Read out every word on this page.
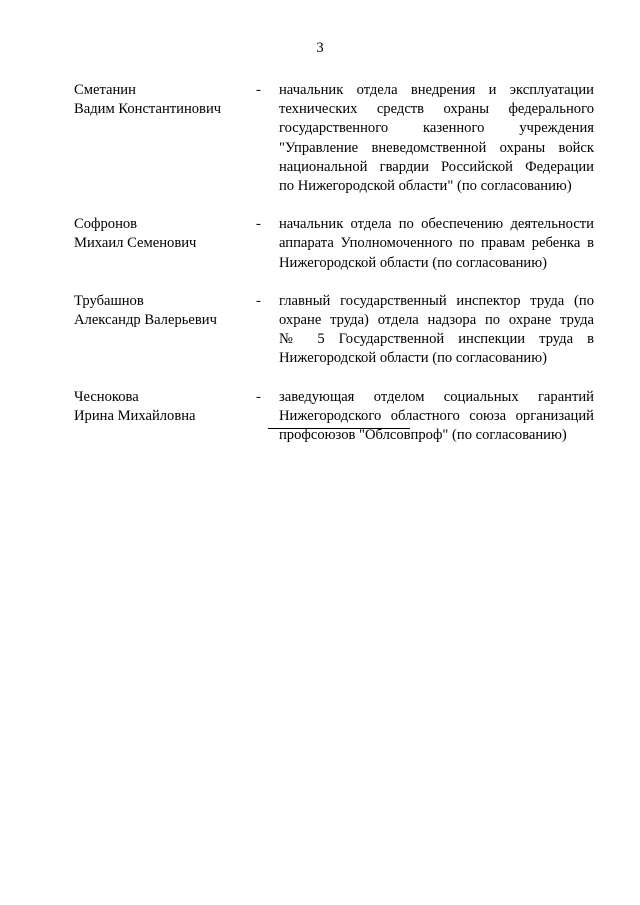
3
Сметанин
Вадим Константинович
-	начальник отдела внедрения и эксплуатации
технических средств охраны федерального
государственного казенного учреждения
"Управление вневедомственной охраны войск
национальной гвардии Российской Федерации
по Нижегородской области" (по согласованию)
Софронов
Михаил Семенович
-	начальник отдела по обеспечению деятельности
аппарата Уполномоченного по правам ребенка в
Нижегородской области (по согласованию)
Трубашнов
Александр Валерьевич
-	главный государственный инспектор труда (по
охране труда) отдела надзора по охране труда
№ 5 Государственной инспекции труда в
Нижегородской области (по согласованию)
Чеснокова
Ирина Михайловна
-	заведующая отделом социальных гарантий
Нижегородского областного союза организаций
профсоюзов "Облсовпроф" (по согласованию)
